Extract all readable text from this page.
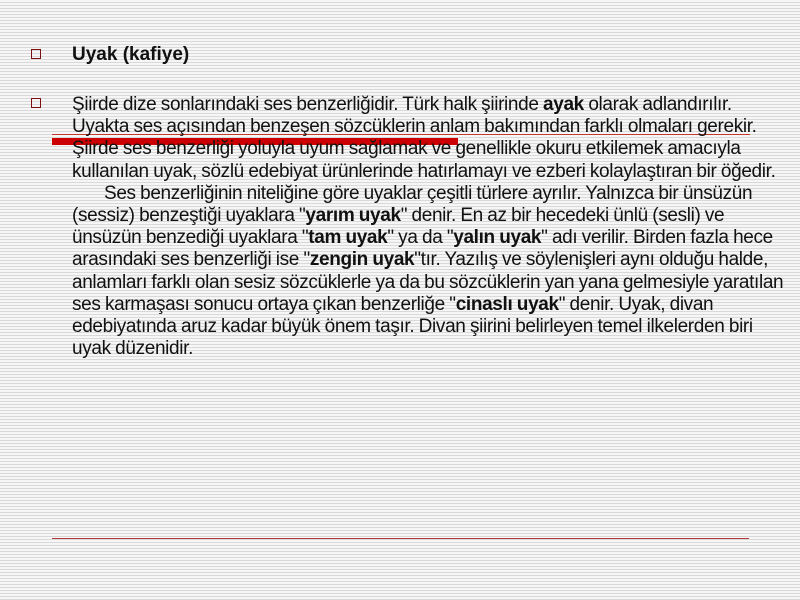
Uyak (kafiye)

Şiirde dize sonlarındaki ses benzerliğidir. Türk halk şiirinde ayak olarak adlandırılır. Uyakta ses açısından benzeşen sözcüklerin anlam bakımından farklı olmaları gerekir. Şiirde ses benzerliği yoluyla uyum sağlamak ve genellikle okuru etkilemek amacıyla kullanılan uyak, sözlü edebiyat ürünlerinde hatırlamayı ve ezberi kolaylaştıran bir öğedir.

Ses benzerliğinin niteliğine göre uyaklar çeşitli türlere ayrılır. Yalnızca bir ünsüzün (sessiz) benzeştiği uyaklara "yarım uyak" denir. En az bir hecedeki ünlü (sesli) ve ünsüzün benzediği uyaklara "tam uyak" ya da "yalın uyak" adı verilir. Birden fazla hece arasındaki ses benzerliği ise "zengin uyak"tır. Yazılış ve söylenişleri aynı olduğu halde, anlamları farklı olan sesiz sözcüklerle ya da bu sözcüklerin yan yana gelmesiyle yaratılan ses karmaşası sonucu ortaya çıkan benzerliğe "cinaslı uyak" denir. Uyak, divan edebiyatında aruz kadar büyük önem taşır. Divan şiirini belirleyen temel ilkelerden biri uyak düzenidir.
